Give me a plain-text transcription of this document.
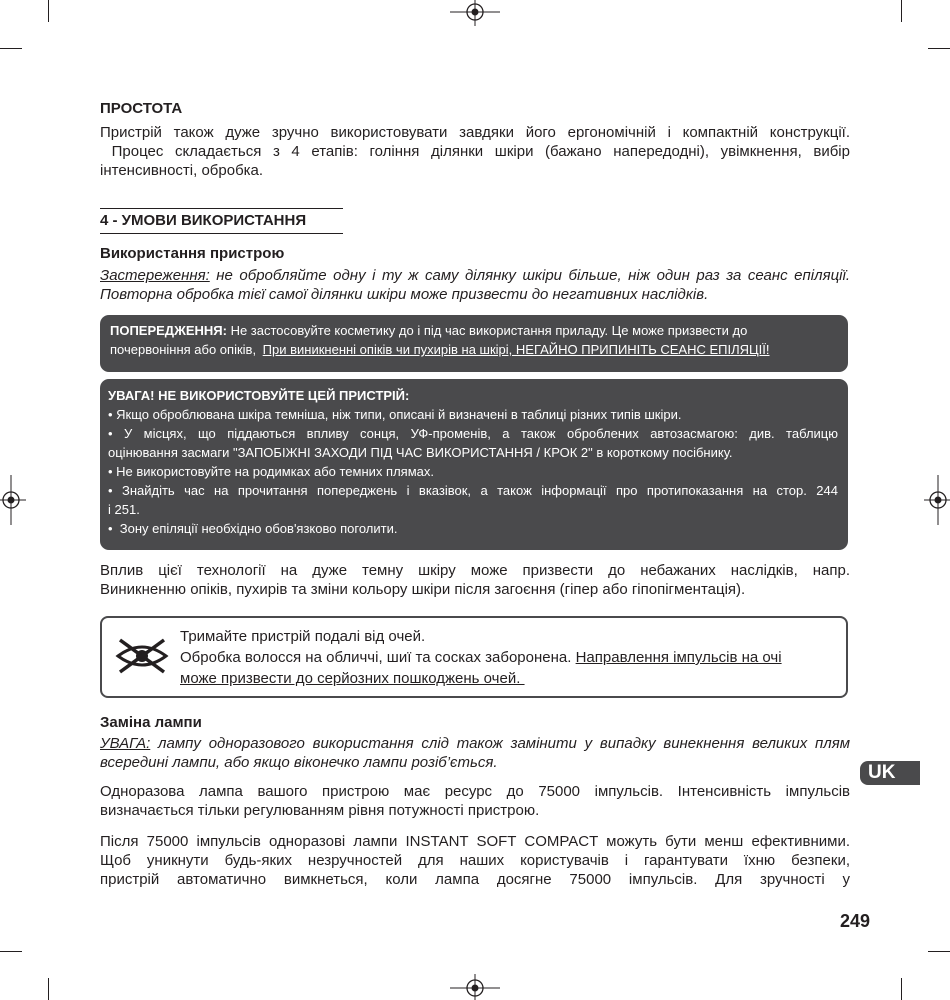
ПРОСТОТА
Пристрій також дуже зручно використовувати завдяки його ергономічній і компактній конструкції.
Процес складається з 4 етапів: гоління ділянки шкіри (бажано напередодні), увімкнення, вибір
інтенсивності, обробка.
4 - УМОВИ ВИКОРИСТАННЯ
Використання пристрою
Застереження: не обробляйте одну і ту ж саму ділянку шкіри більше, ніж один раз за сеанс епіляції.
Повторна обробка тієї самої ділянки шкіри може призвести до негативних наслідків.
ПОПЕРЕДЖЕННЯ: Не застосовуйте косметику до і під час використання приладу. Це може призвести до
почервоніння або опіків, При виникненні опіків чи пухирів на шкірі, НЕГАЙНО ПРИПИНІТЬ СЕАНС ЕПІЛЯЦІЇ!
УВАГА! НЕ ВИКОРИСТОВУЙТЕ ЦЕЙ ПРИСТРІЙ:
• Якщо оброблювана шкіра темніша, ніж типи, описані й визначені в таблиці різних типів шкіри.
• У місцях, що піддаються впливу сонця, УФ-променів, а також оброблених автозасмагою: див. таблицю
оцінювання засмаги "ЗАПОБІЖНІ ЗАХОДИ ПІД ЧАС ВИКОРИСТАННЯ / КРОК 2" в короткому посібнику.
• Не використовуйте на родимках або темних плямах.
• Знайдіть час на прочитання попереджень і вказівок, а також інформації про протипоказання на стор. 244
і 251.
•  Зону епіляції необхідно обов'язково поголити.
Вплив цієї технології на дуже темну шкіру може призвести до небажаних наслідків, напр.
Виникненню опіків, пухирів та зміни кольору шкіри після загоєння (гіпер або гіпопігментація).
Тримайте пристрій подалі від очей.
Обробка волосся на обличчі, шиї та сосках заборонена. Направлення імпульсів на очі
може призвести до серйозних пошкоджень очей.
Заміна лампи
УВАГА: лампу одноразового використання слід також замінити у випадку винекнення великих плям
всередині лампи, або якщо віконечко лампи розіб’ється.
Одноразова лампа вашого пристрою має ресурс до 75000 імпульсів. Інтенсивність імпульсів
визначається тільки регулюванням рівня потужності пристрою.
Після 75000 імпульсів одноразові лампи INSTANT SOFT COMPACT можуть бути менш ефективними.
Щоб уникнути будь-яких незручностей для наших користувачів і гарантувати їхню безпеки,
пристрій автоматично вимкнеться, коли лампа досягне 75000 імпульсів. Для зручності у
UK
249
